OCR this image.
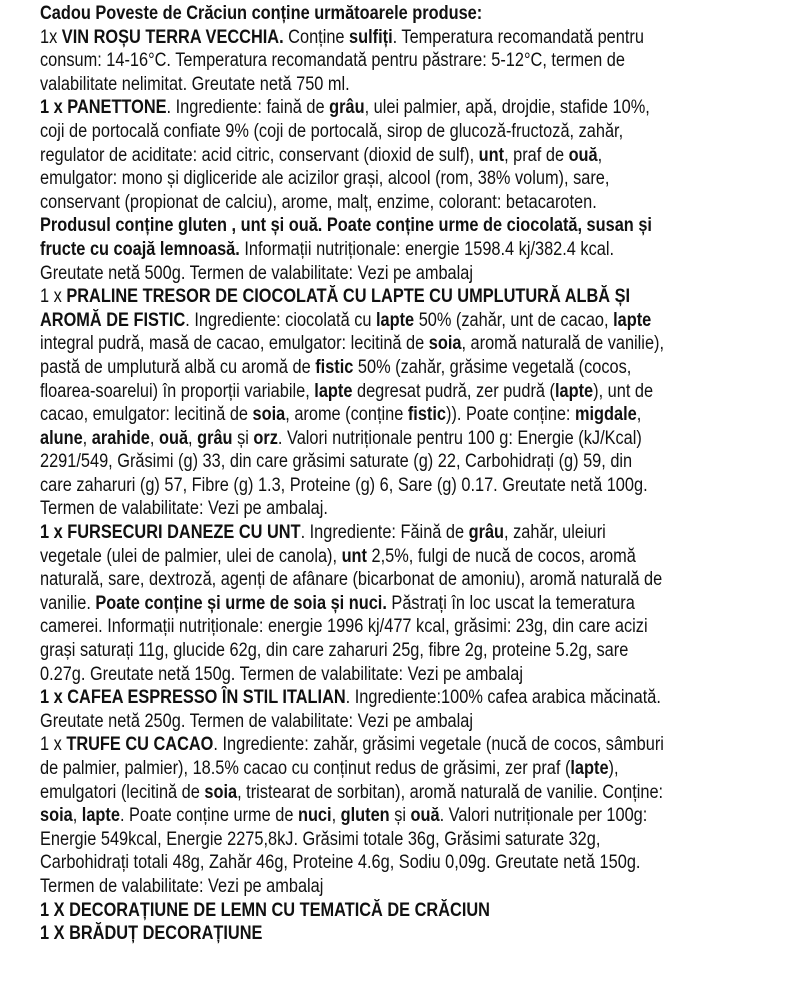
Cadou Poveste de Crăciun conține următoarele produse:
1x VIN ROȘU TERRA VECCHIA. Conține sulfiți. Temperatura recomandată pentru
consum: 14-16°C. Temperatura recomandată pentru păstrare: 5-12°C, termen de
valabilitate nelimitat. Greutate netă 750 ml.
1 x PANETTONE. Ingrediente: faină de grâu, ulei palmier, apă, drojdie, stafide 10%,
coji de portocală confiate 9% (coji de portocală, sirop de glucoză-fructoză, zahăr,
regulator de aciditate: acid citric, conservant (dioxid de sulf), unt, praf de ouă,
emulgator: mono și digliceride ale acizilor grași, alcool (rom, 38% volum), sare,
conservant (propionat de calciu), arome, malț, enzime, colorant: betacaroten.
Produsul conține gluten , unt și ouă. Poate conține urme de ciocolată, susan și
fructe cu coajă lemnoasă. Informații nutriționale: energie 1598.4 kj/382.4 kcal.
Greutate netă 500g. Termen de valabilitate: Vezi pe ambalaj
1 x PRALINE TRESOR DE CIOCOLATĂ CU LAPTE CU UMPLUTURĂ ALBĂ ȘI
AROMĂ DE FISTIC. Ingrediente: ciocolată cu lapte 50% (zahăr, unt de cacao, lapte
integral pudră, masă de cacao, emulgator: lecitină de soia, aromă naturală de vanilie),
pastă de umplutură albă cu aromă de fistic 50% (zahăr, grăsime vegetală (cocos,
floarea-soarelui) în proporții variabile, lapte degresat pudră, zer pudră (lapte), unt de
cacao, emulgator: lecitină de soia, arome (conține fistic)). Poate conține: migdale,
alune, arahide, ouă, grâu și orz. Valori nutriționale pentru 100 g: Energie (kJ/Kcal)
2291/549, Grăsimi (g) 33, din care grăsimi saturate (g) 22, Carbohidrați (g) 59, din
care zaharuri (g) 57, Fibre (g) 1.3, Proteine (g) 6, Sare (g) 0.17. Greutate netă 100g.
Termen de valabilitate: Vezi pe ambalaj.
1 x FURSECURI DANEZE CU UNT. Ingrediente: Făină de grâu, zahăr, uleiuri
vegetale (ulei de palmier, ulei de canola), unt 2,5%, fulgi de nucă de cocos, aromă
naturală, sare, dextroză, agenți de afânare (bicarbonat de amoniu), aromă naturală de
vanilie. Poate conține și urme de soia și nuci. Păstrați în loc uscat la temeratura
camerei. Informații nutriționale: energie 1996 kj/477 kcal, grăsimi: 23g, din care acizi
grași saturați 11g, glucide 62g, din care zaharuri 25g, fibre 2g, proteine 5.2g, sare
0.27g. Greutate netă 150g. Termen de valabilitate: Vezi pe ambalaj
1 x CAFEA ESPRESSO ÎN STIL ITALIAN. Ingrediente:100% cafea arabica măcinată.
Greutate netă 250g. Termen de valabilitate: Vezi pe ambalaj
1 x TRUFE CU CACAO. Ingrediente: zahăr, grăsimi vegetale (nucă de cocos, sâmburi
de palmier, palmier), 18.5% cacao cu conținut redus de grăsimi, zer praf (lapte),
emulgatori (lecitină de soia, tristearat de sorbitan), aromă naturală de vanilie. Conține:
soia, lapte. Poate conține urme de nuci, gluten și ouă. Valori nutriționale per 100g:
Energie 549kcal, Energie 2275,8kJ. Grăsimi totale 36g, Grăsimi saturate 32g,
Carbohidrați totali 48g, Zahăr 46g, Proteine 4.6g, Sodiu 0,09g. Greutate netă 150g.
Termen de valabilitate: Vezi pe ambalaj
1 X DECORAȚIUNE DE LEMN CU TEMATICĂ DE CRĂCIUN
1 X BRĂDUȚ DECORAȚIUNE
